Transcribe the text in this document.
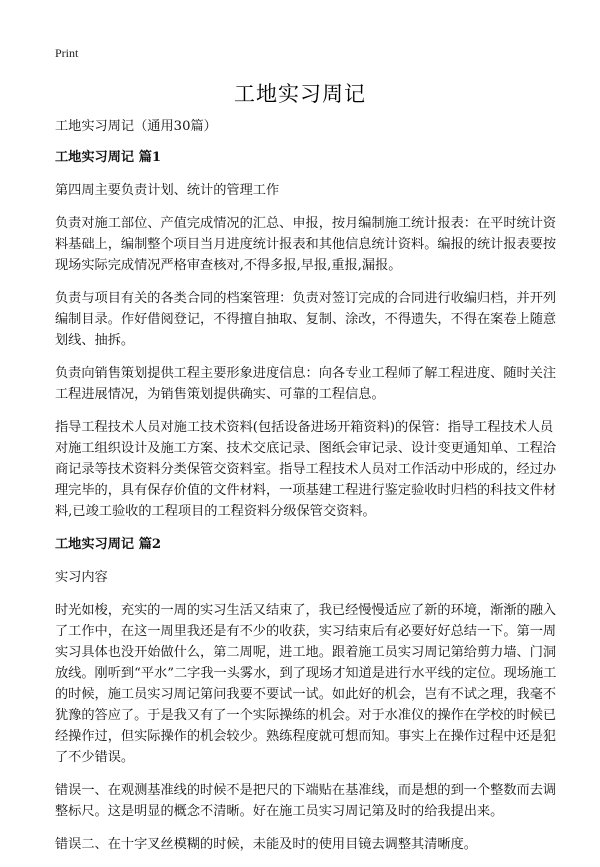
Print
工地实习周记

工地实习周记（通用30篇）

工地实习周记 篇1

第四周主要负责计划、统计的管理工作

负责对施工部位、产值完成情况的汇总、申报，按月编制施工统计报表：在平时统计资料基础上，编制整个项目当月进度统计报表和其他信息统计资料。编报的统计报表要按现场实际完成情况严格审查核对,不得多报,早报,重报,漏报。

负责与项目有关的各类合同的档案管理：负责对签订完成的合同进行收编归档，并开列编制目录。作好借阅登记，不得擅自抽取、复制、涂改，不得遗失，不得在案卷上随意划线、抽拆。

负责向销售策划提供工程主要形象进度信息：向各专业工程师了解工程进度、随时关注工程进展情况，为销售策划提供确实、可靠的工程信息。

指导工程技术人员对施工技术资料(包括设备进场开箱资料)的保管：指导工程技术人员对施工组织设计及施工方案、技术交底记录、图纸会审记录、设计变更通知单、工程洽商记录等技术资料分类保管交资料室。指导工程技术人员对工作活动中形成的，经过办理完毕的，具有保存价值的文件材料，一项基建工程进行鉴定验收时归档的科技文件材料,已竣工验收的工程项目的工程资料分级保管交资料。

工地实习周记 篇2

实习内容

时光如梭，充实的一周的实习生活又结束了，我已经慢慢适应了新的环境，渐渐的融入了工作中，在这一周里我还是有不少的收获，实习结束后有必要好好总结一下。第一周实习具体也没开始做什么，第二周呢，进工地。跟着施工员实习周记第给剪力墙、门洞放线。刚听到“平水”二字我一头雾水，到了现场才知道是进行水平线的定位。现场施工的时候，施工员实习周记第问我要不要试一试。如此好的机会，岂有不试之理，我毫不犹豫的答应了。于是我又有了一个实际操练的机会。对于水准仪的操作在学校的时候已经操作过，但实际操作的机会较少。熟练程度就可想而知。事实上在操作过程中还是犯了不少错误。

错误一、在观测基准线的时候不是把尺的下端贴在基准线，而是想的到一个整数而去调整标尺。这是明显的概念不清晰。好在施工员实习周记第及时的给我提出来。

错误二、在十字叉丝模糊的时候，未能及时的使用目镜去调整其清晰度。
